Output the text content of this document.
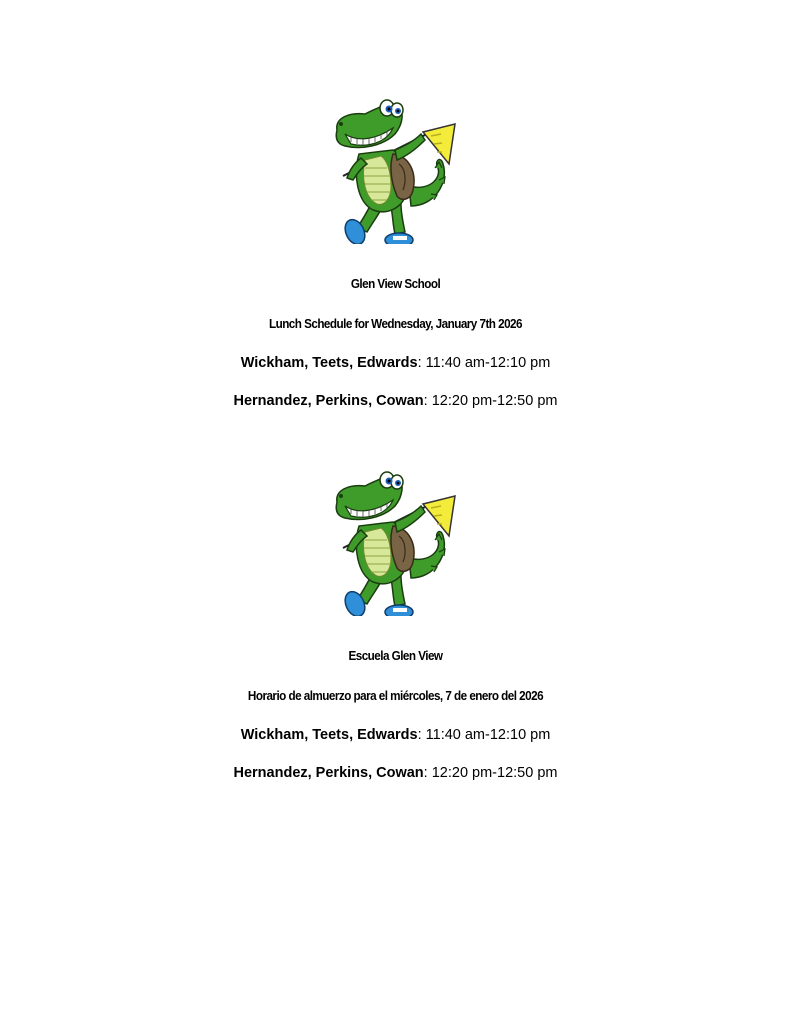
Glen View School

Lunch Schedule for Wednesday, January 7th 2026

Wickham, Teets, Edwards: 11:40 am-12:10 pm

Hernandez, Perkins, Cowan: 12:20 pm-12:50 pm

Escuela Glen View

Horario de almuerzo para el miércoles, 7 de enero del 2026

Wickham, Teets, Edwards: 11:40 am-12:10 pm

Hernandez, Perkins, Cowan: 12:20 pm-12:50 pm
